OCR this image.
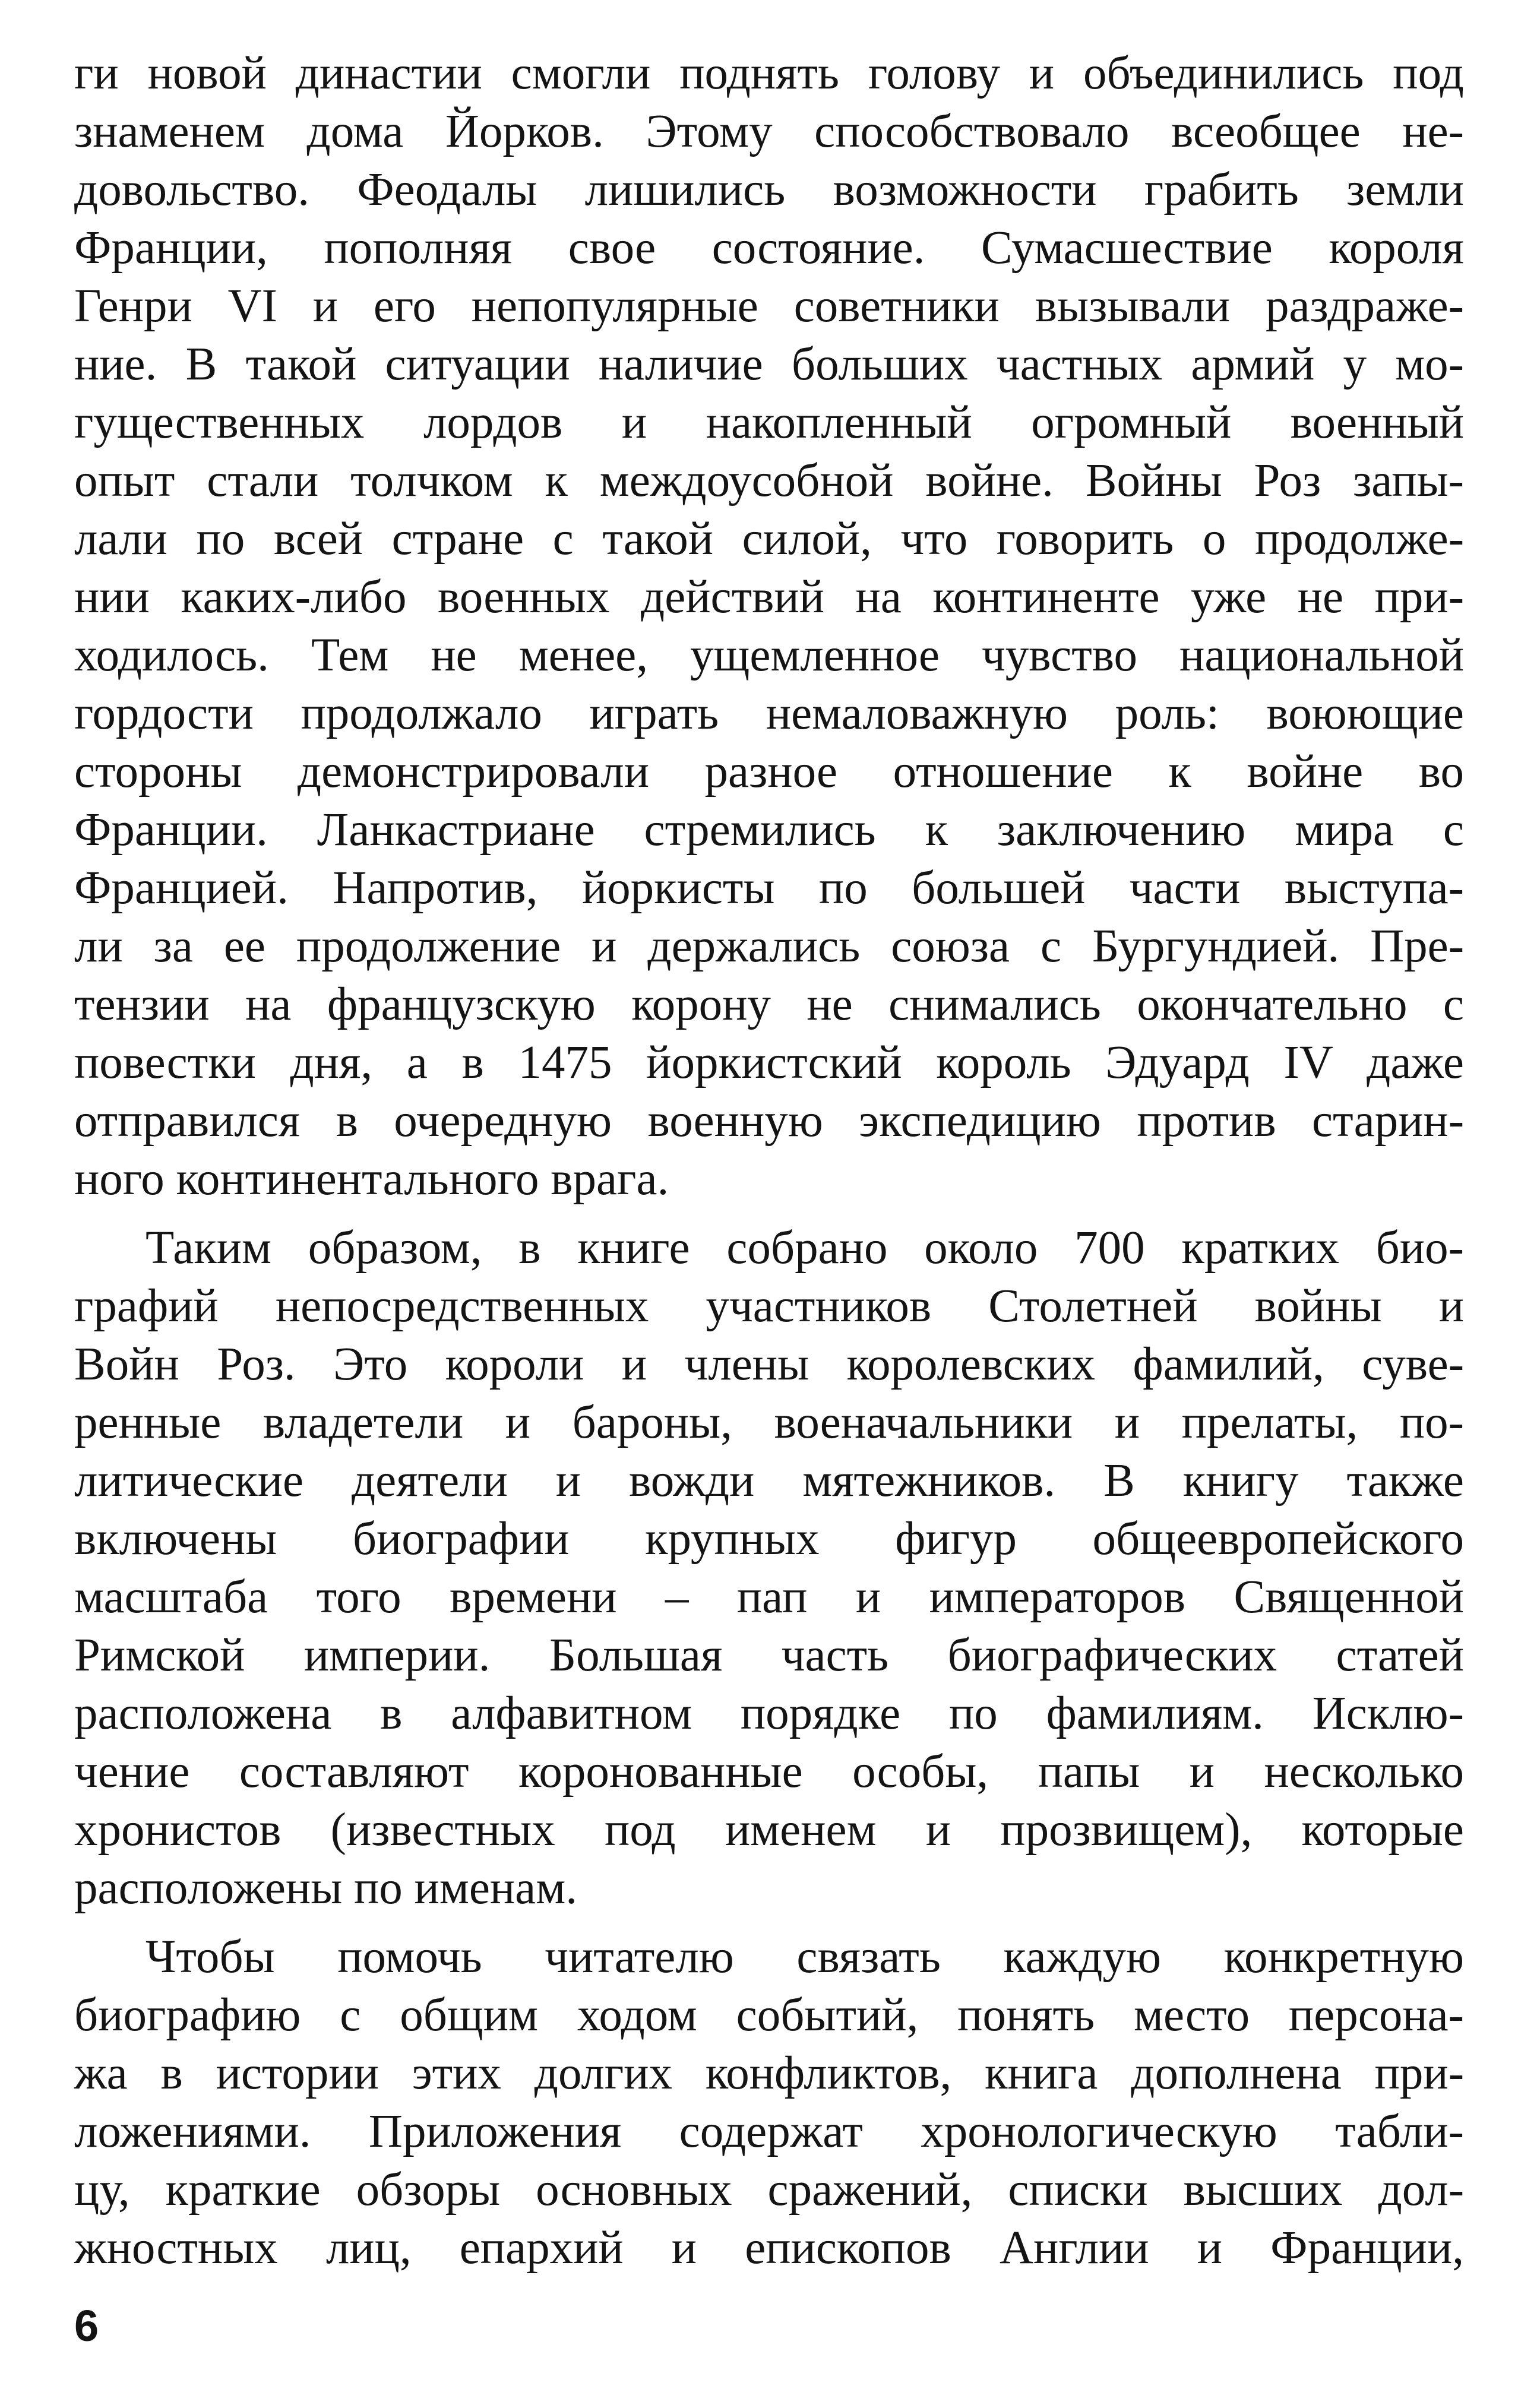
ги новой династии смогли поднять голову и объединились под
знаменем дома Йорков. Этому способствовало всеобщее не-
довольство. Феодалы лишились возможности грабить земли
Франции, пополняя свое состояние. Сумасшествие короля
Генри VI и его непопулярные советники вызывали раздраже-
ние. В такой ситуации наличие больших частных армий у мо-
гущественных лордов и накопленный огромный военный
опыт стали толчком к междоусобной войне. Войны Роз запы-
лали по всей стране с такой силой, что говорить о продолже-
нии каких-либо военных действий на континенте уже не при-
ходилось. Тем не менее, ущемленное чувство национальной
гордости продолжало играть немаловажную роль: воюющие
стороны демонстрировали разное отношение к войне во
Франции. Ланкастриане стремились к заключению мира с
Францией. Напротив, йоркисты по большей части выступа-
ли за ее продолжение и держались союза с Бургундией. Пре-
тензии на французскую корону не снимались окончательно с
повестки дня, а в 1475 йоркистский король Эдуард IV даже
отправился в очередную военную экспедицию против старин-
ного континентального врага.
Таким образом, в книге собрано около 700 кратких био-
графий непосредственных участников Столетней войны и
Войн Роз. Это короли и члены королевских фамилий, суве-
ренные владетели и бароны, военачальники и прелаты, по-
литические деятели и вожди мятежников. В книгу также
включены биографии крупных фигур общеевропейского
масштаба того времени – пап и императоров Священной
Римской империи. Большая часть биографических статей
расположена в алфавитном порядке по фамилиям. Исклю-
чение составляют коронованные особы, папы и несколько
хронистов (известных под именем и прозвищем), которые
расположены по именам.
Чтобы помочь читателю связать каждую конкретную
биографию с общим ходом событий, понять место персона-
жа в истории этих долгих конфликтов, книга дополнена при-
ложениями. Приложения содержат хронологическую табли-
цу, краткие обзоры основных сражений, списки высших дол-
жностных лиц, епархий и епископов Англии и Франции,
6
